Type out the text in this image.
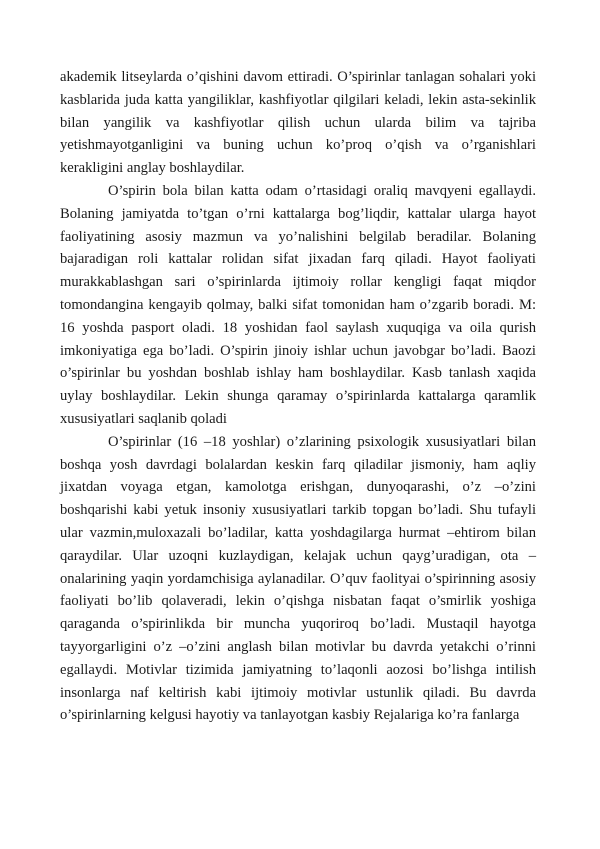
akademik litseylarda o’qishini davom ettiradi. O’spirinlar tanlagan sohalari yoki kasblarida juda katta yangiliklar, kashfiyotlar qilgilari keladi, lekin asta-sekinlik bilan yangilik va kashfiyotlar qilish uchun ularda bilim va tajriba yetishmayotganligini va buning uchun ko’proq o’qish va o’rganishlari kerakligini anglay boshlaydilar.

O’spirin bola bilan katta odam o’rtasidagi oraliq mavqyeni egallaydi. Bolaning jamiyatda to’tgan o’rni kattalarga bog’liqdir, kattalar ularga hayot faoliyatining asosiy mazmun va yo’nalishini belgilab beradilar. Bolaning bajaradigan roli kattalar rolidan sifat jixadan farq qiladi. Hayot faoliyati murakkablashgan sari o’spirinlarda ijtimoiy rollar kengligi faqat miqdor tomondangina kengayib qolmay, balki sifat tomonidan ham o’zgarib boradi. M: 16 yoshda pasport oladi. 18 yoshidan faol saylash xuquqiga va oila qurish imkoniyatiga ega bo’ladi. O’spirin jinoiy ishlar uchun javobgar bo’ladi. Baozi o’spirinlar bu yoshdan boshlab ishlay ham boshlaydilar. Kasb tanlash xaqida uylay boshlaydilar. Lekin shunga qaramay o’spirinlarda kattalarga qaramlik xususiyatlari saqlanib qoladi

O’spirinlar (16 –18 yoshlar) o’zlarining psixologik xususiyatlari bilan boshqa yosh davrdagi bolalardan keskin farq qiladilar jismoniy, ham aqliy jixatdan voyaga etgan, kamolotga erishgan, dunyoqarashi, o’z –o’zini boshqarishi kabi yetuk insoniy xususiyatlari tarkib topgan bo’ladi. Shu tufayli ular vazmin,muloxazali bo’ladilar, katta yoshdagilarga hurmat –ehtirom bilan qaraydilar. Ular uzoqni kuzlaydigan, kelajak uchun qayg’uradigan, ota – onalarining yaqin yordamchisiga aylanadilar. O’quv faolityai o’spirinning asosiy faoliyati bo’lib qolaveradi, lekin o’qishga nisbatan faqat o’smirlik yoshiga qaraganda o’spirinlikda bir muncha yuqoriroq bo’ladi. Mustaqil hayotga tayyorgarligini o’z –o’zini anglash bilan motivlar bu davrda yetakchi o’rinni egallaydi. Motivlar tizimida jamiyatning to’laqonli aozosi bo’lishga intilish insonlarga naf keltirish kabi ijtimoiy motivlar ustunlik qiladi. Bu davrda o’spirinlarning kelgusi hayotiy va tanlayotgan kasbiy Rejalariga ko’ra fanlarga
